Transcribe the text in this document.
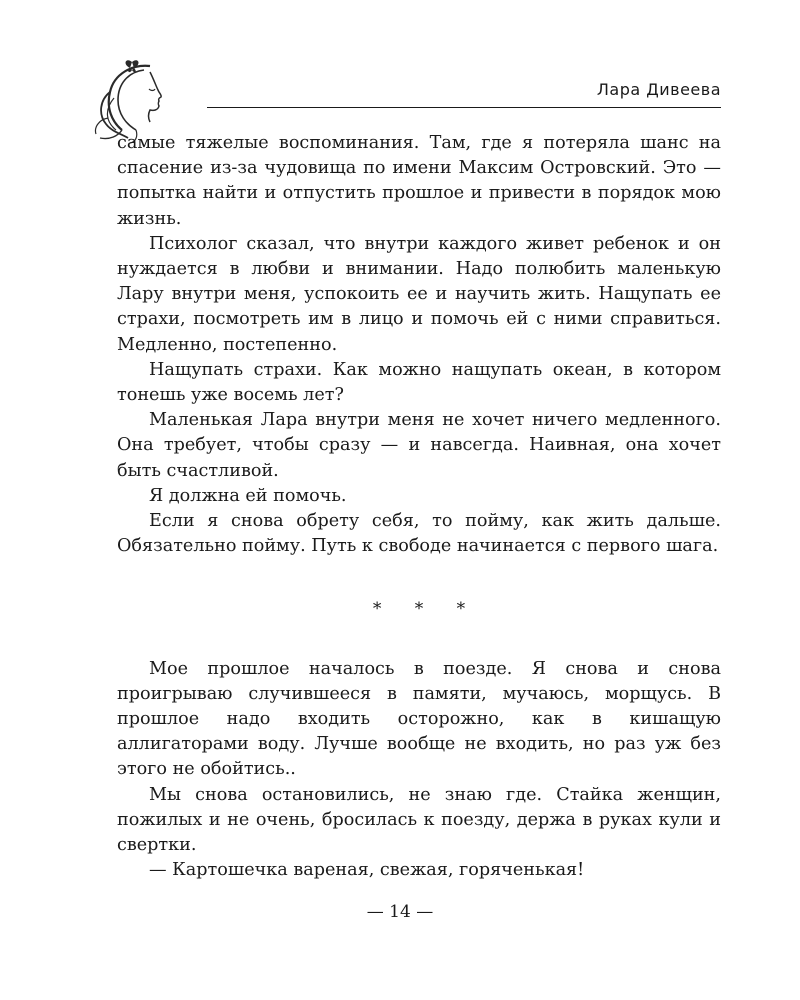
Лара Дивеева

самые тяжелые воспоминания. Там, где я потеряла шанс на спасение из-за чудовища по имени Максим Островский. Это — попытка найти и отпустить прошлое и привести в порядок мою жизнь.

Психолог сказал, что внутри каждого живет ребенок и он нуждается в любви и внимании. Надо полюбить маленькую Лару внутри меня, успокоить ее и научить жить. Нащупать ее страхи, посмотреть им в лицо и помочь ей с ними справиться. Медленно, постепенно.

Нащупать страхи. Как можно нащупать океан, в котором тонешь уже восемь лет?

Маленькая Лара внутри меня не хочет ничего медленного. Она требует, чтобы сразу — и навсегда. Наивная, она хочет быть счастливой.

Я должна ей помочь.

Если я снова обрету себя, то пойму, как жить дальше. Обязательно пойму. Путь к свободе начинается с первого шага.

* * *

Мое прошлое началось в поезде. Я снова и снова проигрываю случившееся в памяти, мучаюсь, морщусь. В прошлое надо входить осторожно, как в кишащую аллигаторами воду. Лучше вообще не входить, но раз уж без этого не обойтись..

Мы снова остановились, не знаю где. Стайка женщин, пожилых и не очень, бросилась к поезду, держа в руках кули и свертки.

— Картошечка вареная, свежая, горяченькая!

— 14 —
